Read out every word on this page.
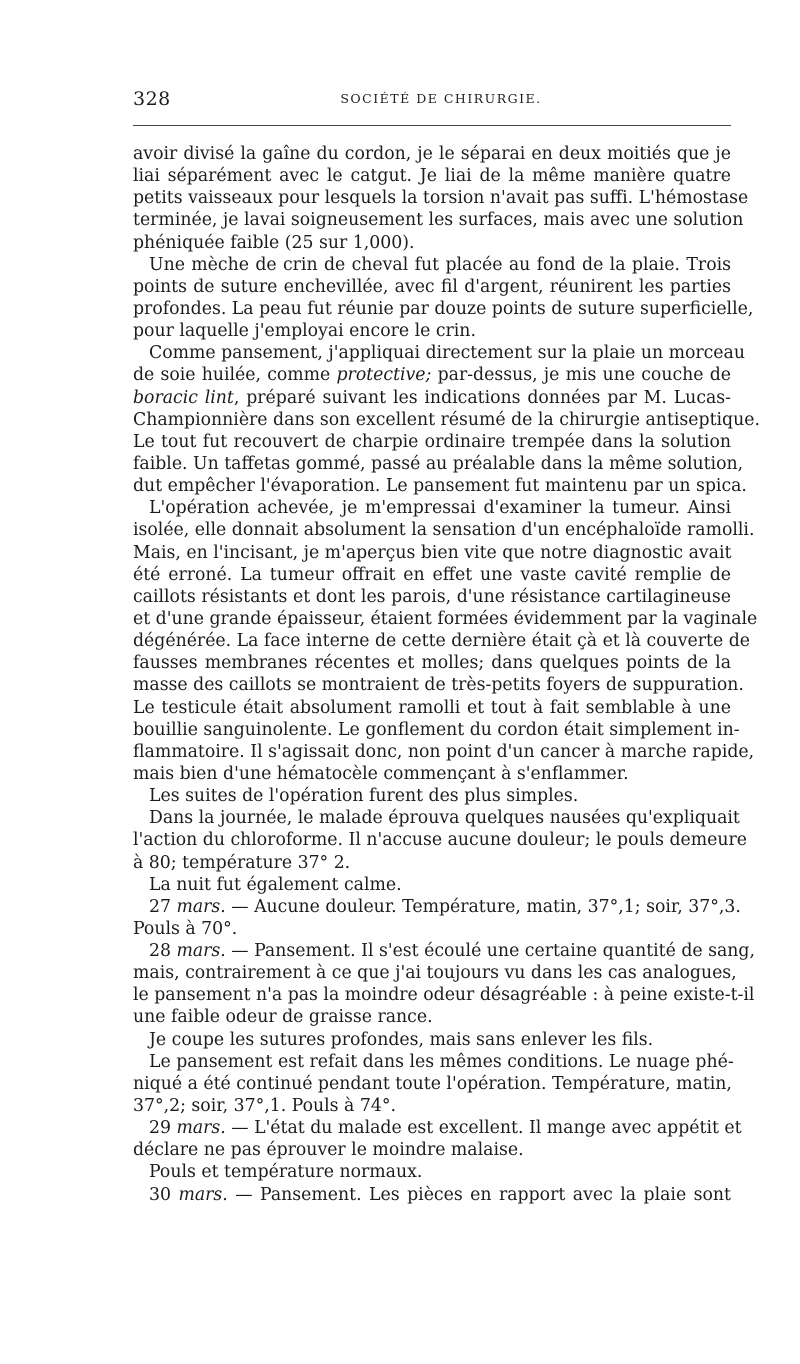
328	SOCIÉTÉ DE CHIRURGIE.
avoir divisé la gaîne du cordon, je le séparai en deux moitiés que je
liai séparément avec le catgut. Je liai de la même manière quatre
petits vaisseaux pour lesquels la torsion n'avait pas suffi. L'hémostase
terminée, je lavai soigneusement les surfaces, mais avec une solution
phéniquée faible (25 sur 1,000).
Une mèche de crin de cheval fut placée au fond de la plaie. Trois
points de suture enchevillée, avec fil d'argent, réunirent les parties
profondes. La peau fut réunie par douze points de suture superficielle,
pour laquelle j'employai encore le crin.
Comme pansement, j'appliquai directement sur la plaie un morceau
de soie huilée, comme protective; par-dessus, je mis une couche de
boracic lint, préparé suivant les indications données par M. Lucas-
Championnière dans son excellent résumé de la chirurgie antiseptique.
Le tout fut recouvert de charpie ordinaire trempée dans la solution
faible. Un taffetas gommé, passé au préalable dans la même solution,
dut empêcher l'évaporation. Le pansement fut maintenu par un spica.
L'opération achevée, je m'empressai d'examiner la tumeur. Ainsi
isolée, elle donnait absolument la sensation d'un encéphaloïde ramolli.
Mais, en l'incisant, je m'aperçus bien vite que notre diagnostic avait
été erroné. La tumeur offrait en effet une vaste cavité remplie de
caillots résistants et dont les parois, d'une résistance cartilagineuse
et d'une grande épaisseur, étaient formées évidemment par la vaginale
dégénérée. La face interne de cette dernière était çà et là couverte de
fausses membranes récentes et molles; dans quelques points de la
masse des caillots se montraient de très-petits foyers de suppuration.
Le testicule était absolument ramolli et tout à fait semblable à une
bouillie sanguinolente. Le gonflement du cordon était simplement in-
flammatoire. Il s'agissait donc, non point d'un cancer à marche rapide,
mais bien d'une hématocèle commençant à s'enflammer.
Les suites de l'opération furent des plus simples.
Dans la journée, le malade éprouva quelques nausées qu'expliquait
l'action du chloroforme. Il n'accuse aucune douleur; le pouls demeure
à 80; température 37° 2.
La nuit fut également calme.
27 mars. — Aucune douleur. Température, matin, 37°,1; soir, 37°,3.
Pouls à 70°.
28 mars. — Pansement. Il s'est écoulé une certaine quantité de sang,
mais, contrairement à ce que j'ai toujours vu dans les cas analogues,
le pansement n'a pas la moindre odeur désagréable : à peine existe-t-il
une faible odeur de graisse rance.
Je coupe les sutures profondes, mais sans enlever les fils.
Le pansement est refait dans les mêmes conditions. Le nuage phé-
niqué a été continué pendant toute l'opération. Température, matin,
37°,2; soir, 37°,1. Pouls à 74°.
29 mars. — L'état du malade est excellent. Il mange avec appétit et
déclare ne pas éprouver le moindre malaise.
Pouls et température normaux.
30 mars. — Pansement. Les pièces en rapport avec la plaie sont
